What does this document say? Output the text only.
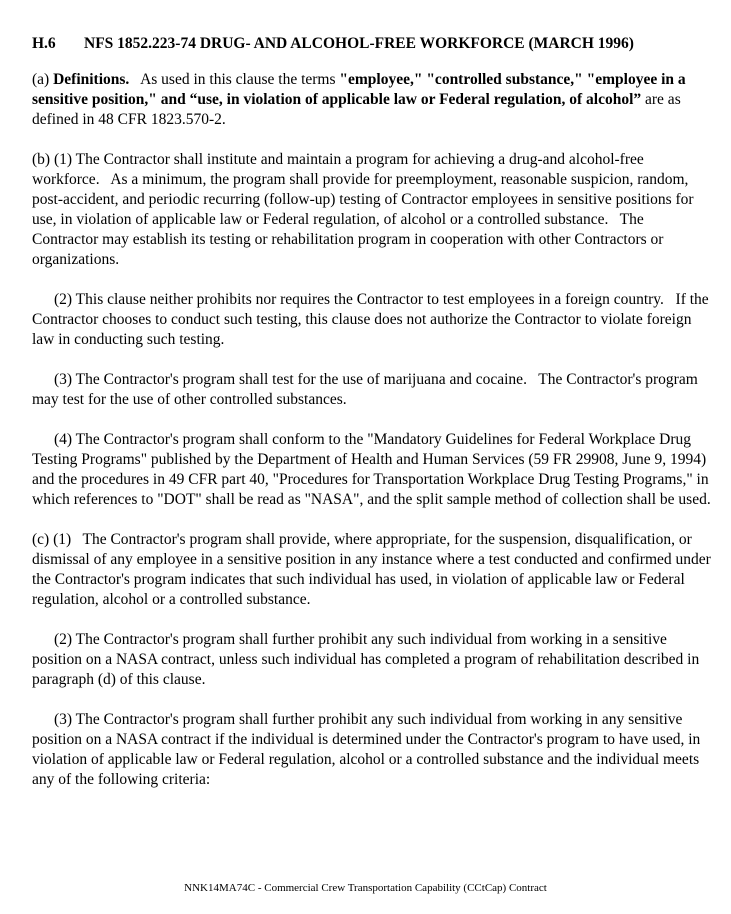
H.6 NFS 1852.223-74 DRUG- AND ALCOHOL-FREE WORKFORCE (MARCH 1996)

(a) Definitions.   As used in this clause the terms "employee," "controlled substance," "employee in a sensitive position," and “use, in violation of applicable law or Federal regulation, of alcohol” are as defined in 48 CFR 1823.570-2.

(b) (1) The Contractor shall institute and maintain a program for achieving a drug-and alcohol-free workforce.   As a minimum, the program shall provide for preemployment, reasonable suspicion, random, post-accident, and periodic recurring (follow-up) testing of Contractor employees in sensitive positions for use, in violation of applicable law or Federal regulation, of alcohol or a controlled substance.   The Contractor may establish its testing or rehabilitation program in cooperation with other Contractors or organizations.

(2) This clause neither prohibits nor requires the Contractor to test employees in a foreign country.   If the Contractor chooses to conduct such testing, this clause does not authorize the Contractor to violate foreign law in conducting such testing.

(3) The Contractor's program shall test for the use of marijuana and cocaine.   The Contractor's program may test for the use of other controlled substances.

(4) The Contractor's program shall conform to the "Mandatory Guidelines for Federal Workplace Drug Testing Programs" published by the Department of Health and Human Services (59 FR 29908, June 9, 1994) and the procedures in 49 CFR part 40, "Procedures for Transportation Workplace Drug Testing Programs," in which references to "DOT" shall be read as "NASA", and the split sample method of collection shall be used.

(c) (1)   The Contractor's program shall provide, where appropriate, for the suspension, disqualification, or dismissal of any employee in a sensitive position in any instance where a test conducted and confirmed under the Contractor's program indicates that such individual has used, in violation of applicable law or Federal regulation, alcohol or a controlled substance.

(2) The Contractor's program shall further prohibit any such individual from working in a sensitive position on a NASA contract, unless such individual has completed a program of rehabilitation described in paragraph (d) of this clause.

(3) The Contractor's program shall further prohibit any such individual from working in any sensitive position on a NASA contract if the individual is determined under the Contractor's program to have used, in violation of applicable law or Federal regulation, alcohol or a controlled substance and the individual meets any of the following criteria:

NNK14MA74C - Commercial Crew Transportation Capability (CCtCap) Contract
